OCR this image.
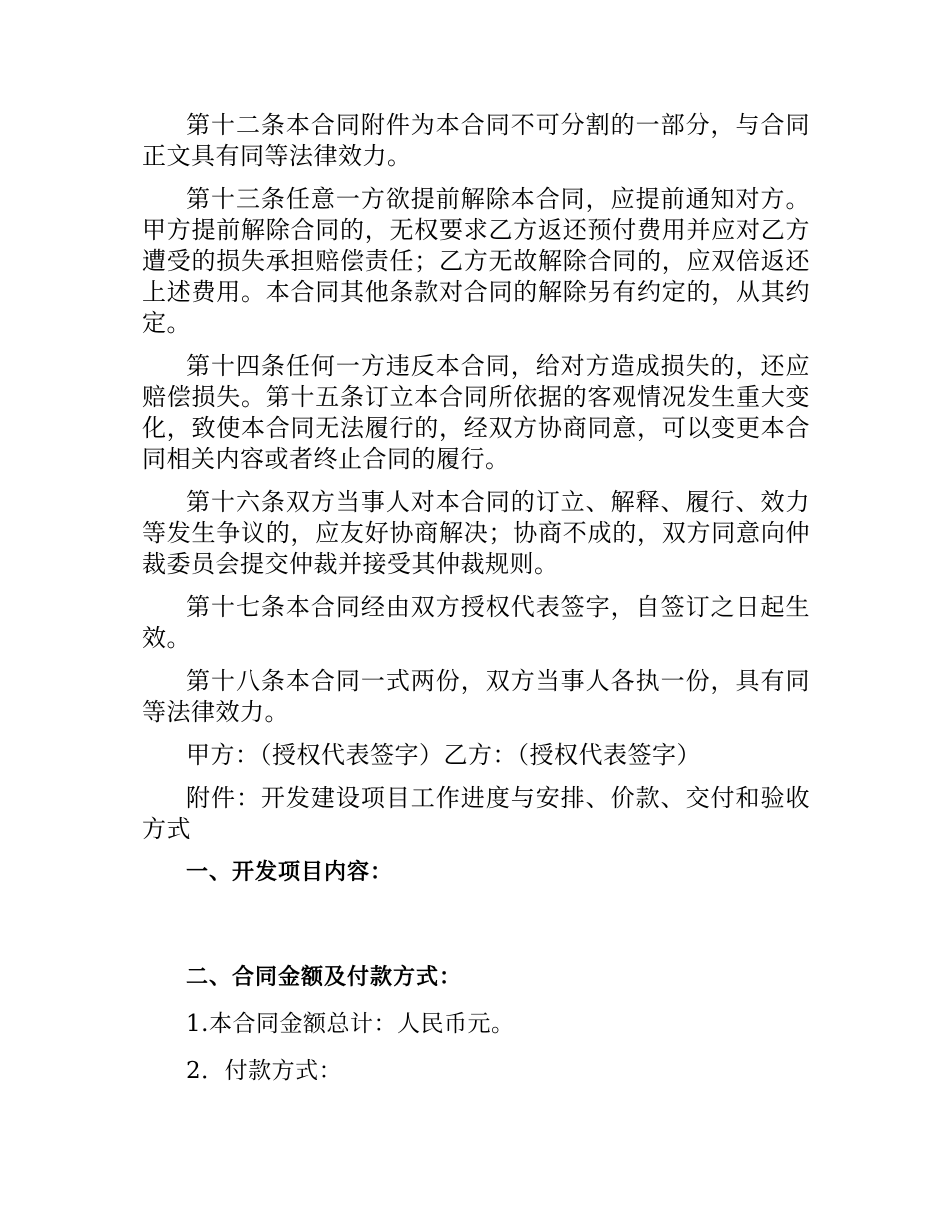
第十二条本合同附件为本合同不可分割的一部分，与合同正文具有同等法律效力。

第十三条任意一方欲提前解除本合同，应提前通知对方。甲方提前解除合同的，无权要求乙方返还预付费用并应对乙方遭受的损失承担赔偿责任；乙方无故解除合同的，应双倍返还上述费用。本合同其他条款对合同的解除另有约定的，从其约定。

第十四条任何一方违反本合同，给对方造成损失的，还应赔偿损失。第十五条订立本合同所依据的客观情况发生重大变化，致使本合同无法履行的，经双方协商同意，可以变更本合同相关内容或者终止合同的履行。

第十六条双方当事人对本合同的订立、解释、履行、效力等发生争议的，应友好协商解决；协商不成的，双方同意向仲裁委员会提交仲裁并接受其仲裁规则。

第十七条本合同经由双方授权代表签字，自签订之日起生效。

第十八条本合同一式两份，双方当事人各执一份，具有同等法律效力。

甲方：（授权代表签字）乙方：（授权代表签字）

附件：开发建设项目工作进度与安排、价款、交付和验收方式

一、开发项目内容：

二、合同金额及付款方式：

1.本合同金额总计：人民币元。

2．付款方式：
